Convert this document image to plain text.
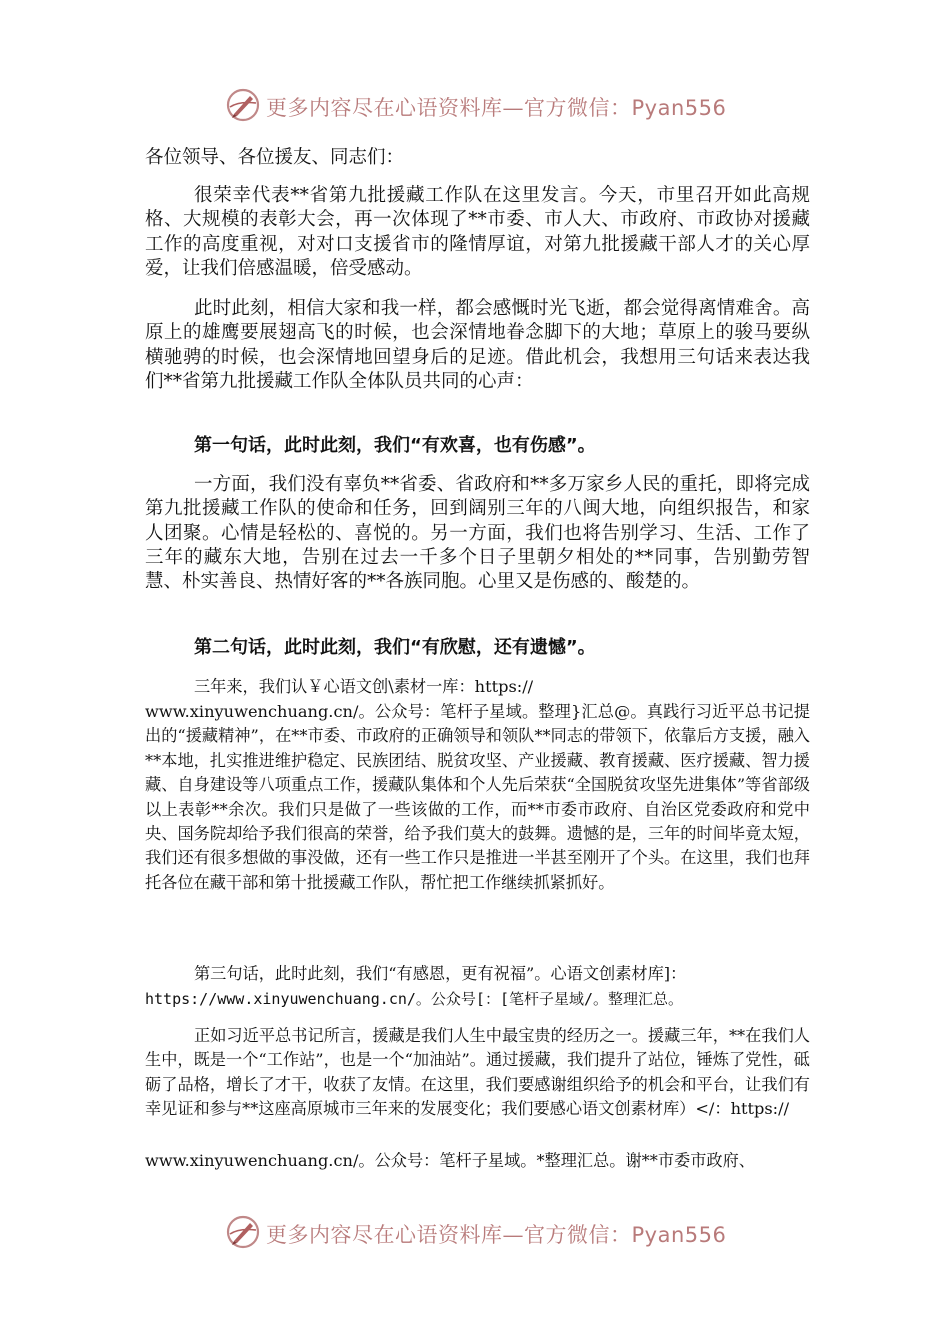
更多内容尽在心语资料库—官方微信：Pyan556

各位领导、各位援友、同志们：

很荣幸代表**省第九批援藏工作队在这里发言。今天，市里召开如此高规格、大规模的表彰大会，再一次体现了**市委、市人大、市政府、市政协对援藏工作的高度重视，对对口支援省市的隆情厚谊，对第九批援藏干部人才的关心厚爱，让我们倍感温暖，倍受感动。

此时此刻，相信大家和我一样，都会感慨时光飞逝，都会觉得离情难舍。高原上的雄鹰要展翅高飞的时候，也会深情地眷念脚下的大地；草原上的骏马要纵横驰骋的时候，也会深情地回望身后的足迹。借此机会，我想用三句话来表达我们**省第九批援藏工作队全体队员共同的心声：

第一句话，此时此刻，我们“有欢喜，也有伤感”。

一方面，我们没有辜负**省委、省政府和**多万家乡人民的重托，即将完成第九批援藏工作队的使命和任务，回到阔别三年的八闽大地，向组织报告，和家人团聚。心情是轻松的、喜悦的。另一方面，我们也将告别学习、生活、工作了三年的藏东大地，告别在过去一千多个日子里朝夕相处的**同事，告别勤劳智慧、朴实善良、热情好客的**各族同胞。心里又是伤感的、酸楚的。

第二句话，此时此刻，我们“有欣慰，还有遗憾”。

三年来，我们认￥心语文创\素材一库：https://

www.xinyuwenchuang.cn/。公众号：笔杆子星域。整理}汇总@。真践行习近平总书记提出的“援藏精神”，在**市委、市政府的正确领导和领队**同志的带领下，依靠后方支援，融入**本地，扎实推进维护稳定、民族团结、脱贫攻坚、产业援藏、教育援藏、医疗援藏、智力援藏、自身建设等八项重点工作，援藏队集体和个人先后荣获“全国脱贫攻坚先进集体”等省部级以上表彰**余次。我们只是做了一些该做的工作，而**市委市政府、自治区党委政府和党中央、国务院却给予我们很高的荣誉，给予我们莫大的鼓舞。遗憾的是，三年的时间毕竟太短，我们还有很多想做的事没做，还有一些工作只是推进一半甚至刚开了个头。在这里，我们也拜托各位在藏干部和第十批援藏工作队，帮忙把工作继续抓紧抓好。

第三句话，此时此刻，我们“有感恩，更有祝福”。心语文创素材库]：

https://www.xinyuwenchuang.cn/。公众号[：[笔杆子星域/。整理汇总。

正如习近平总书记所言，援藏是我们人生中最宝贵的经历之一。援藏三年，**在我们人生中，既是一个“工作站”，也是一个“加油站”。通过援藏，我们提升了站位，锤炼了党性，砥砺了品格，增长了才干，收获了友情。在这里，我们要感谢组织给予的机会和平台，让我们有幸见证和参与**这座高原城市三年来的发展变化；我们要感心语文创素材库）</：https://

www.xinyuwenchuang.cn/。公众号：笔杆子星域。*整理汇总。谢**市委市政府、

更多内容尽在心语资料库—官方微信：Pyan556
